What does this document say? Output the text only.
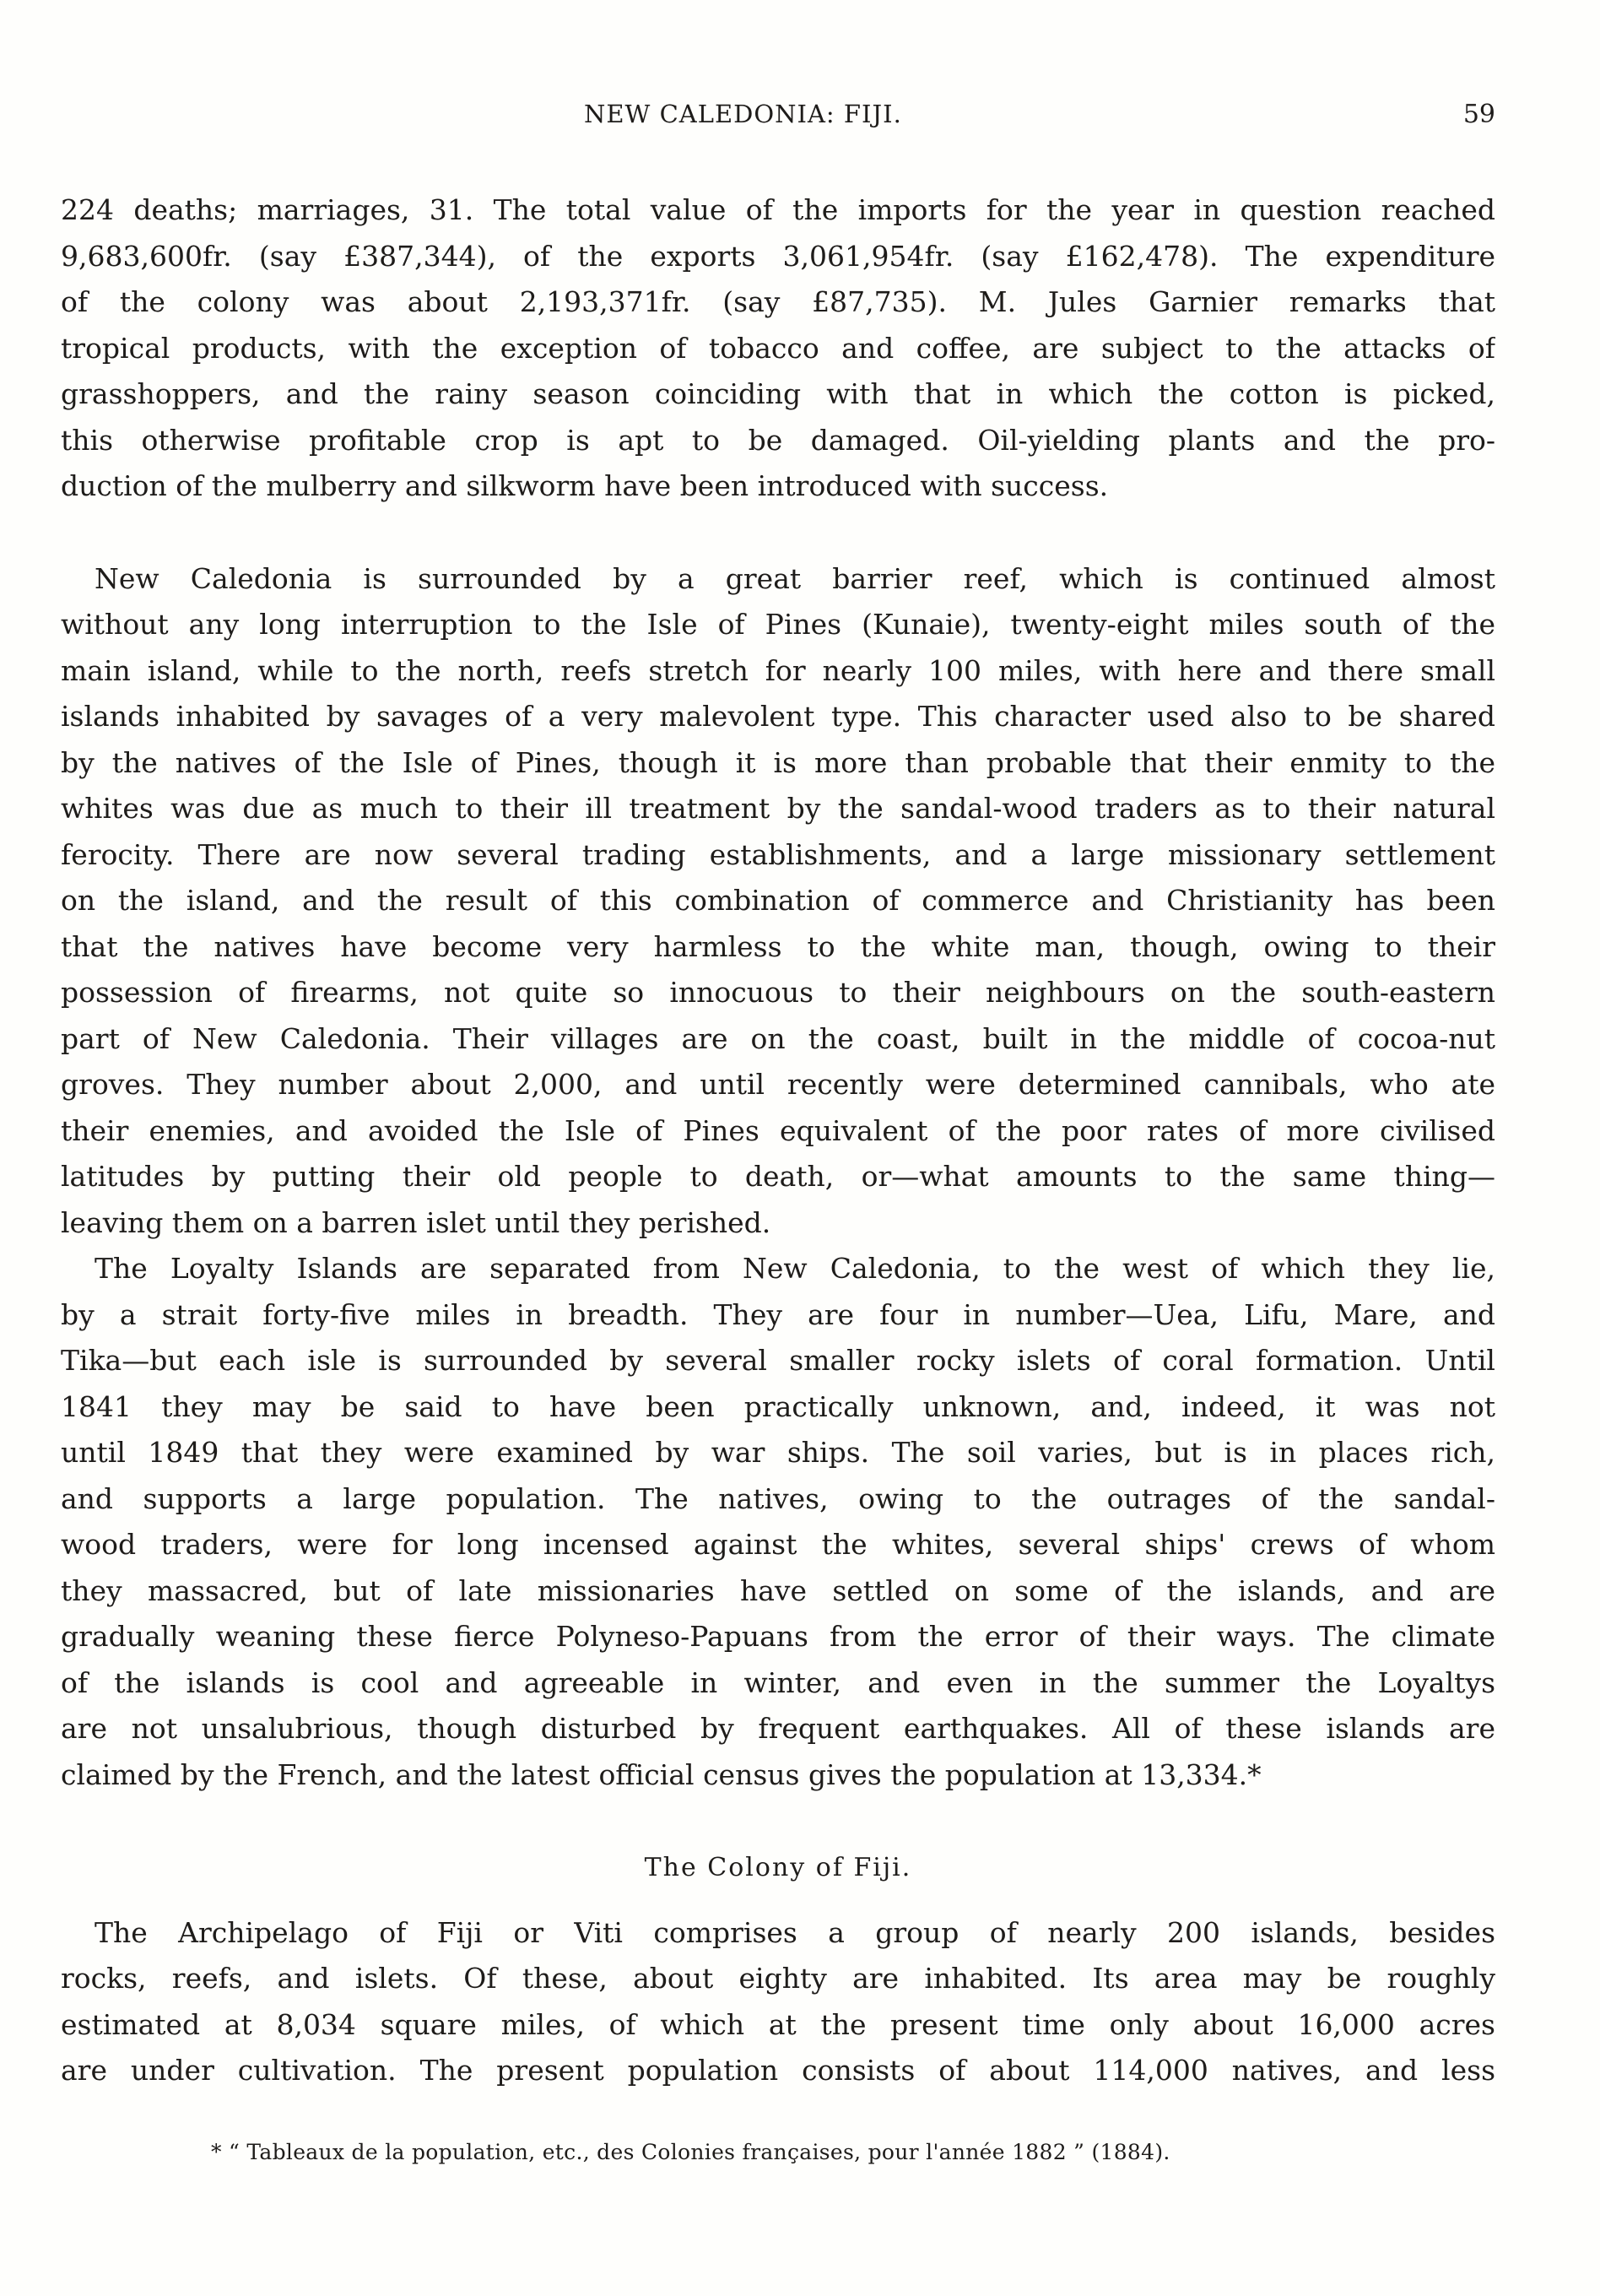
NEW CALEDONIA: FIJI.	59
224 deaths; marriages, 31. The total value of the imports for the year in question reached
9,683,600fr. (say £387,344), of the exports 3,061,954fr. (say £162,478). The expenditure
of the colony was about 2,193,371fr. (say £87,735). M. Jules Garnier remarks that
tropical products, with the exception of tobacco and coffee, are subject to the attacks of
grasshoppers, and the rainy season coinciding with that in which the cotton is picked,
this otherwise profitable crop is apt to be damaged. Oil-yielding plants and the pro-
duction of the mulberry and silkworm have been introduced with success.
New Caledonia is surrounded by a great barrier reef, which is continued almost
without any long interruption to the Isle of Pines (Kunaie), twenty-eight miles south of the
main island, while to the north, reefs stretch for nearly 100 miles, with here and there small
islands inhabited by savages of a very malevolent type. This character used also to be shared
by the natives of the Isle of Pines, though it is more than probable that their enmity to the
whites was due as much to their ill treatment by the sandal-wood traders as to their natural
ferocity. There are now several trading establishments, and a large missionary settlement
on the island, and the result of this combination of commerce and Christianity has been
that the natives have become very harmless to the white man, though, owing to their
possession of firearms, not quite so innocuous to their neighbours on the south-eastern
part of New Caledonia. Their villages are on the coast, built in the middle of cocoa-nut
groves. They number about 2,000, and until recently were determined cannibals, who ate
their enemies, and avoided the Isle of Pines equivalent of the poor rates of more civilised
latitudes by putting their old people to death, or—what amounts to the same thing—
leaving them on a barren islet until they perished.
The Loyalty Islands are separated from New Caledonia, to the west of which they lie,
by a strait forty-five miles in breadth. They are four in number—Uea, Lifu, Mare, and
Tika—but each isle is surrounded by several smaller rocky islets of coral formation. Until
1841 they may be said to have been practically unknown, and, indeed, it was not
until 1849 that they were examined by war ships. The soil varies, but is in places rich,
and supports a large population. The natives, owing to the outrages of the sandal-
wood traders, were for long incensed against the whites, several ships' crews of whom
they massacred, but of late missionaries have settled on some of the islands, and are
gradually weaning these fierce Polyneso-Papuans from the error of their ways. The climate
of the islands is cool and agreeable in winter, and even in the summer the Loyaltys
are not unsalubrious, though disturbed by frequent earthquakes. All of these islands are
claimed by the French, and the latest official census gives the population at 13,334.*
The Colony of Fiji.
The Archipelago of Fiji or Viti comprises a group of nearly 200 islands, besides
rocks, reefs, and islets. Of these, about eighty are inhabited. Its area may be roughly
estimated at 8,034 square miles, of which at the present time only about 16,000 acres
are under cultivation. The present population consists of about 114,000 natives, and less
* “ Tableaux de la population, etc., des Colonies françaises, pour l'année 1882 ” (1884).
